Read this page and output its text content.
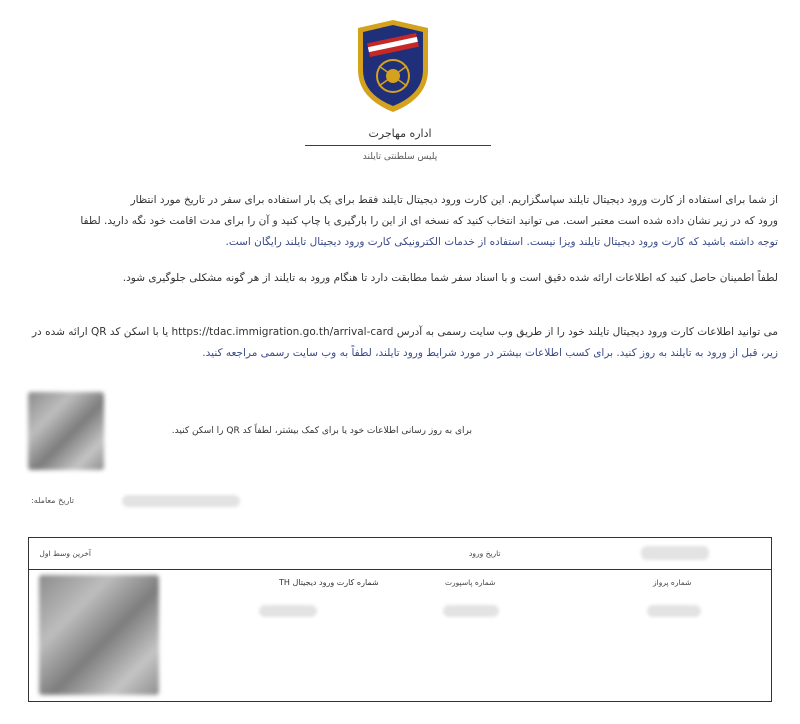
اداره مهاجرت
پلیس سلطنتی تایلند
از شما برای استفاده از کارت ورود دیجیتال تایلند سپاسگزاریم. این کارت ورود دیجیتال تایلند فقط برای یک بار استفاده برای سفر در تاریخ مورد انتظار
ورود که در زیر نشان داده شده است معتبر است. می توانید انتخاب کنید که نسخه ای از این را بارگیری یا چاپ کنید و آن را برای مدت اقامت خود نگه دارید. لطفا
توجه داشته باشید که کارت ورود دیجیتال تایلند ویزا نیست. استفاده از خدمات الکترونیکی کارت ورود دیجیتال تایلند رایگان است.
لطفاً اطمینان حاصل کنید که اطلاعات ارائه شده دقیق است و با اسناد سفر شما مطابقت دارد تا هنگام ورود به تایلند از هر گونه مشکلی جلوگیری شود.
می توانید اطلاعات کارت ورود دیجیتال تایلند خود را از طریق وب سایت رسمی به آدرس https://tdac.immigration.go.th/arrival-card یا با اسکن کد QR ارائه شده در
زیر، قبل از ورود به تایلند به روز کنید. برای کسب اطلاعات بیشتر در مورد شرایط ورود تایلند، لطفاً به وب سایت رسمی مراجعه کنید.
برای به روز رسانی اطلاعات خود یا برای کمک بیشتر، لطفاً کد QR را اسکن کنید.
تاریخ معامله:
آخرین وسط اول	تاریخ ورود
شماره کارت ورود دیجیتال TH	شماره پاسپورت	شماره پرواز
